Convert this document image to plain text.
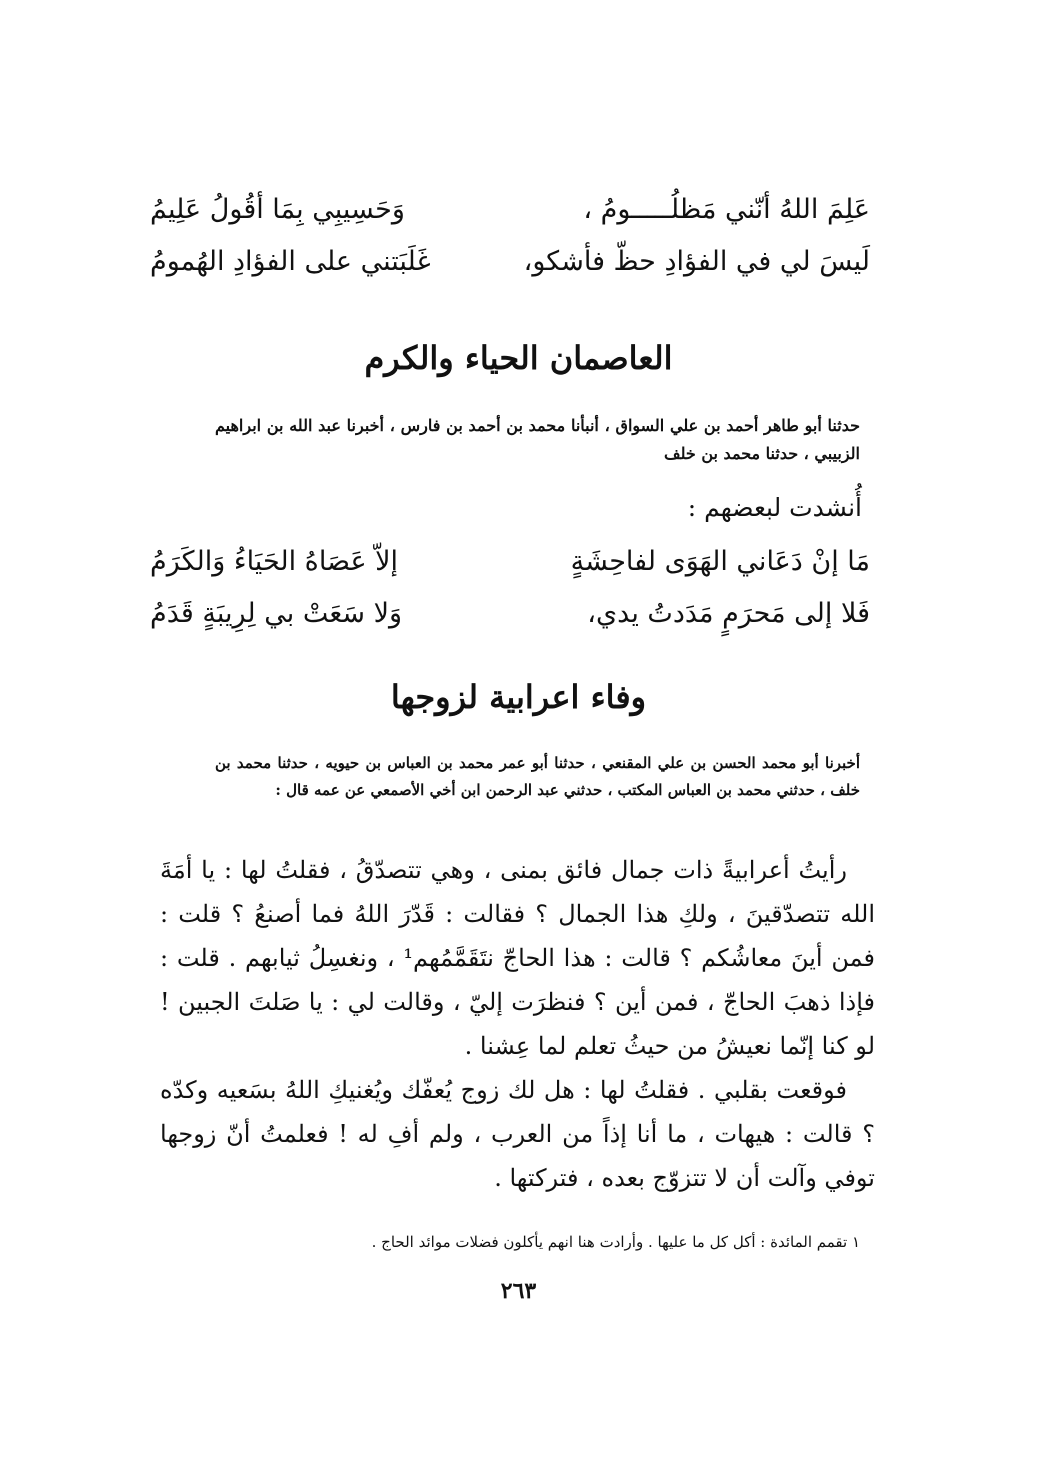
عَلِمَ اللهُ أنّني مَظلُـــــومُ ،
وَحَسِيبِي بِمَا أقُولُ عَلِيمُ
لَيسَ لي في الفؤادِ حظّ فأشكو،
غَلَبَتني على الفؤادِ الهُمومُ
العاصمان الحياء والكرم
حدثنا أبو طاهر أحمد بن علي السواق ، أنبأنا محمد بن أحمد بن فارس ، أخبرنا عبد الله بن ابراهيم الزبيبي ، حدثنا محمد بن خلف
أُنشدت لبعضهم :
مَا إنْ دَعَاني الهَوَى لفاحِشَةٍ
إلاّ عَصَاهُ الحَيَاءُ وَالكَرَمُ
فَلا إلى مَحرَمٍ مَدَدتُ يدي،
وَلا سَعَتْ بي لِرِيبَةٍ قَدَمُ
وفاء اعرابية لزوجها
أخبرنا أبو محمد الحسن بن علي المقنعي ، حدثنا أبو عمر محمد بن العباس بن حيويه ، حدثنا محمد بن خلف ، حدثني محمد بن العباس المكتب ، حدثني عبد الرحمن ابن أخي الأصمعي عن عمه قال :

رأيتُ أعرابيةً ذات جمال فائق بمنى ، وهي تتصدّقُ ، فقلتُ لها : يا أمَةَ الله تتصدّقينَ ، ولكِ هذا الجمال ؟ فقالت : قَدّرَ اللهُ فما أصنعُ ؟ قلت : فمن أينَ معاشُكم ؟ قالت : هذا الحاجّ نتَقَمَّمُهم¹ ، ونغسِلُ ثيابهم . قلت : فإذا ذهبَ الحاجّ ، فمن أين ؟ فنظرَت إليّ ، وقالت لي : يا صَلتَ الجبين ! لو كنا إنّما نعيشُ من حيثُ تعلم لما عِشنا .

فوقعت بقلبي . فقلتُ لها : هل لك زوج يُعفّك ويُغنيكِ اللهُ بسَعيه وكدّه ؟ قالت : هيهات ، ما أنا إذاً من العرب ، ولم أفِ له ! فعلمتُ أنّ زوجها توفي وآلت أن لا تتزوّج بعده ، فتركتها .

١ تقمم المائدة : أكل كل ما عليها . وأرادت هنا انهم يأكلون فضلات موائد الحاج .
٢٦٣
